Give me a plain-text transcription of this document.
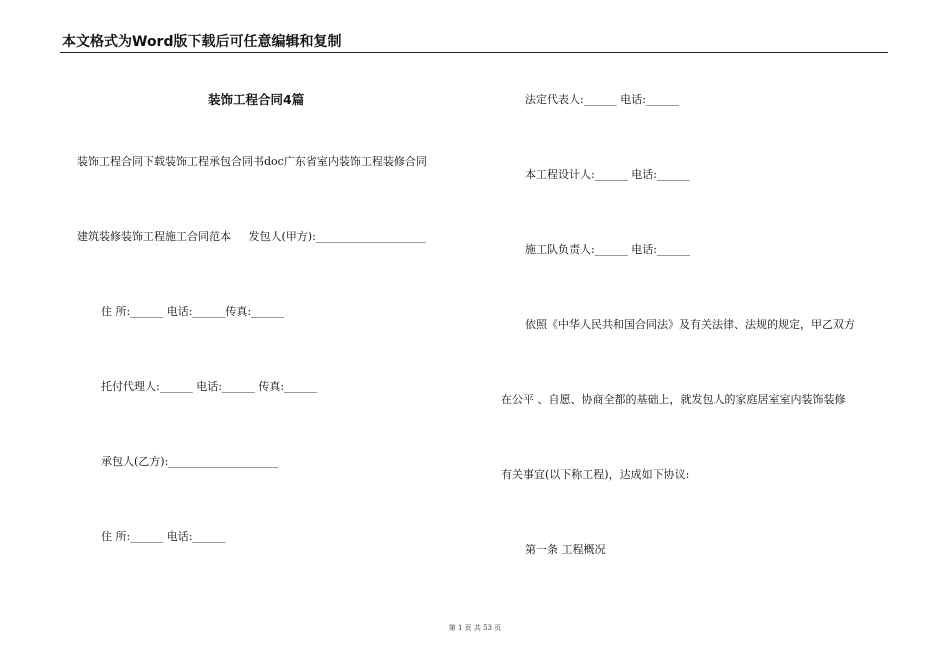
本文格式为Word版下载后可任意编辑和复制
装饰工程合同4篇
装饰工程合同下载装饰工程承包合同书doc广东省室内装饰工程装修合同
建筑装修装饰工程施工合同范本     发包人(甲方):____________________
住 所:______ 电话:______传真:______
托付代理人:______ 电话:______ 传真:______
承包人(乙方):____________________
住 所:______ 电话:______
法定代表人:______ 电话:______
本工程设计人:______ 电话:______
施工队负责人:______ 电话:______
依照《中华人民共和国合同法》及有关法律、法规的规定，甲乙双方
在公平 、自愿、协商全都的基础上，就发包人的家庭居室室内装饰装修
有关事宜(以下称工程)，达成如下协议:
第一条 工程概况
第 1 页 共 53 页
